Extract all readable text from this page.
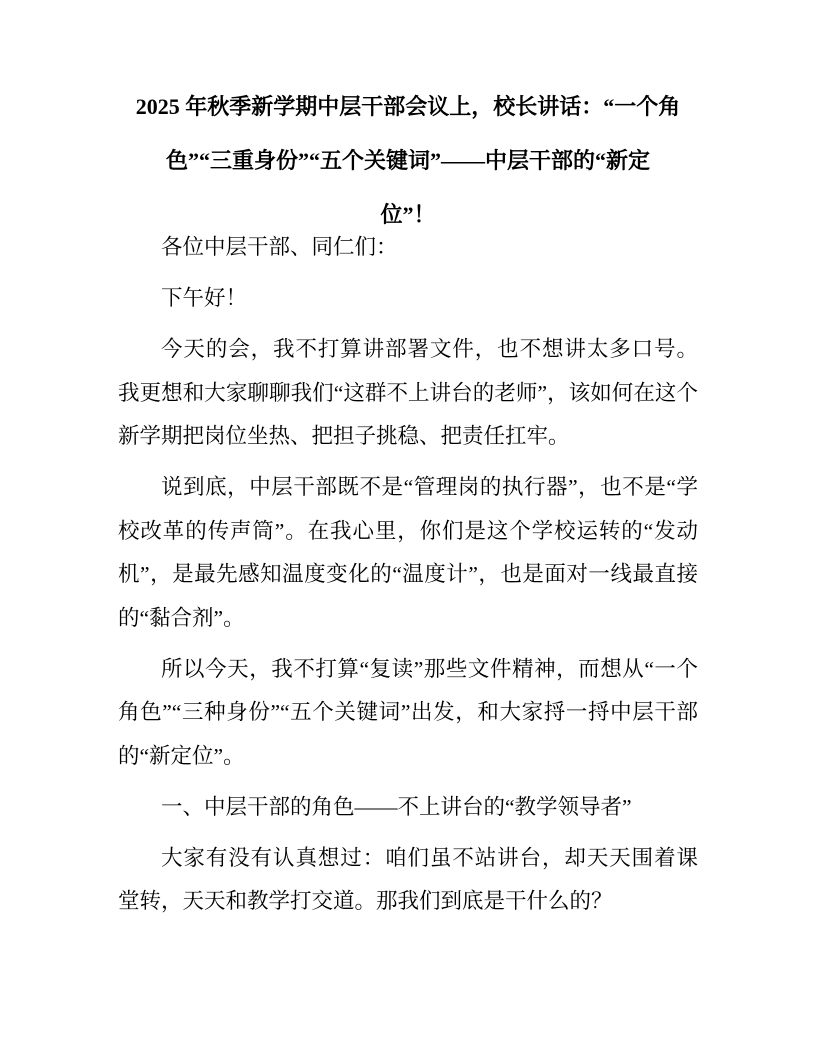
2025 年秋季新学期中层干部会议上，校长讲话：“一个角
色”“三重身份”“五个关键词”——中层干部的“新定
位”！

各位中层干部、同仁们：

下午好！

今天的会，我不打算讲部署文件，也不想讲太多口号。我更想和大家聊聊我们“这群不上讲台的老师”，该如何在这个新学期把岗位坐热、把担子挑稳、把责任扛牢。

说到底，中层干部既不是“管理岗的执行器”，也不是“学校改革的传声筒”。在我心里，你们是这个学校运转的“发动机”，是最先感知温度变化的“温度计”，也是面对一线最直接的“黏合剂”。

所以今天，我不打算“复读”那些文件精神，而想从“一个角色”“三种身份”“五个关键词”出发，和大家捋一捋中层干部的“新定位”。

一、中层干部的角色——不上讲台的“教学领导者”

大家有没有认真想过：咱们虽不站讲台，却天天围着课堂转，天天和教学打交道。那我们到底是干什么的？
